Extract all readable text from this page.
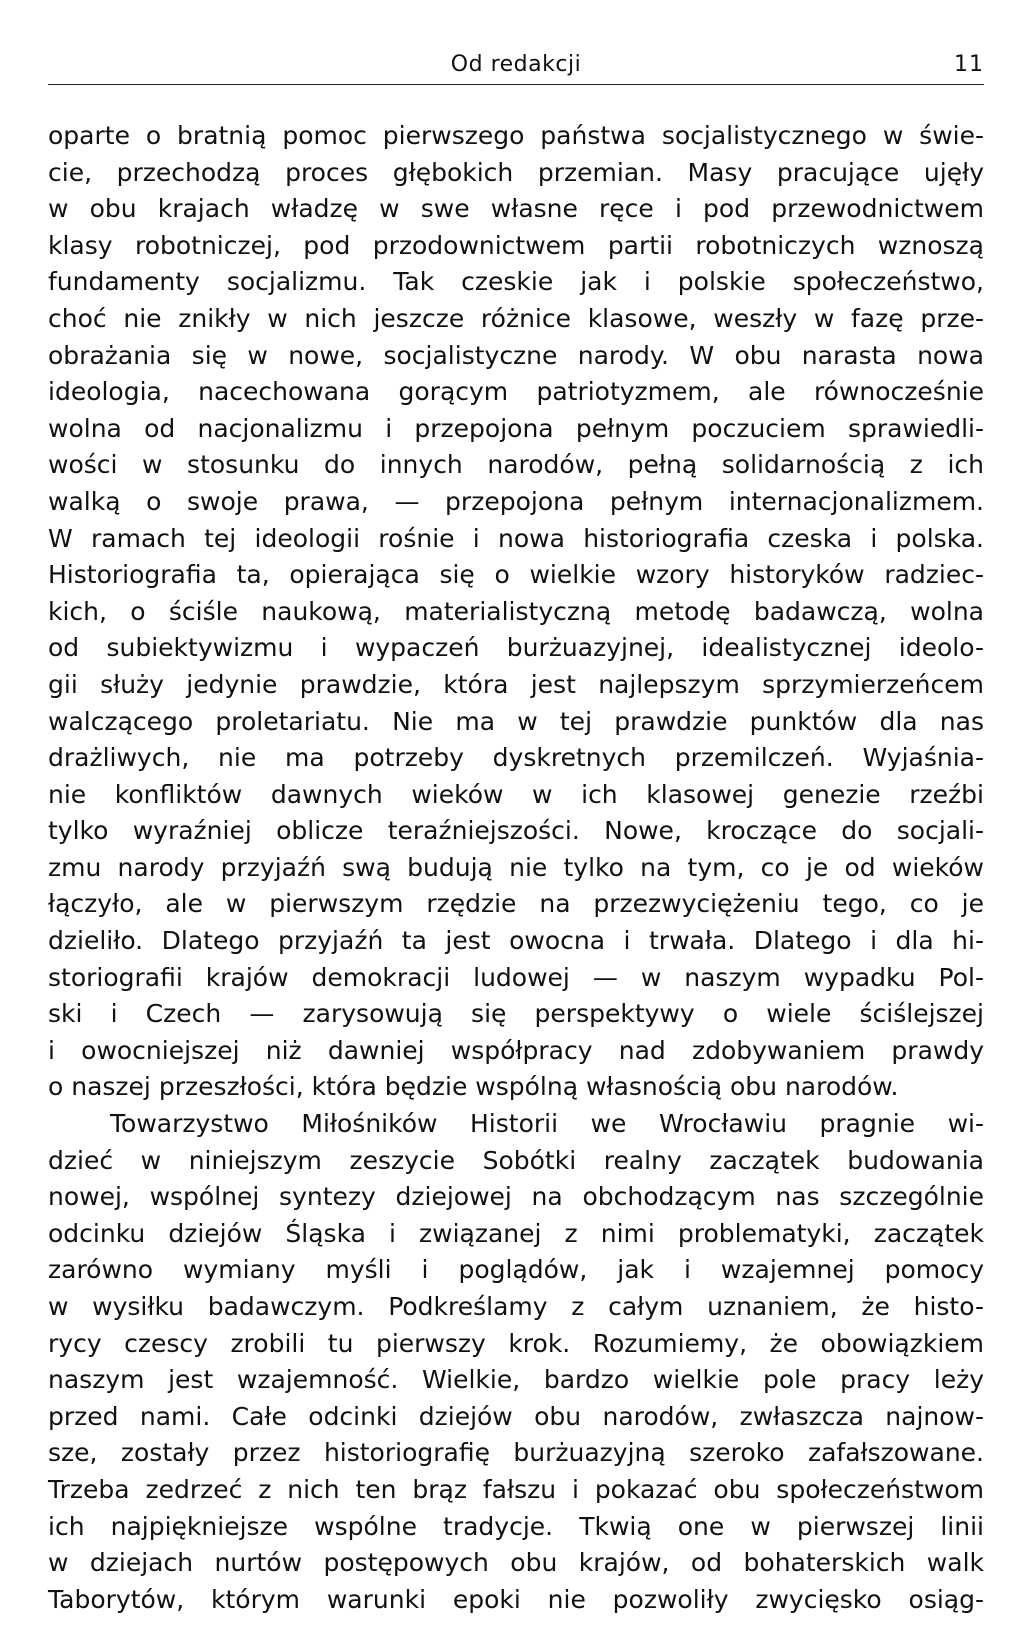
Od redakcji	11
oparte o bratnią pomoc pierwszego państwa socjalistycznego w świe-
cie, przechodzą proces głębokich przemian. Masy pracujące ujęły
w obu krajach władzę w swe własne ręce i pod przewodnictwem
klasy robotniczej, pod przodownictwem partii robotniczych wznoszą
fundamenty socjalizmu. Tak czeskie jak i polskie społeczeństwo,
choć nie znikły w nich jeszcze różnice klasowe, weszły w fazę prze-
obrażania się w nowe, socjalistyczne narody. W obu narasta nowa
ideologia, nacechowana gorącym patriotyzmem, ale równocześnie
wolna od nacjonalizmu i przepojona pełnym poczuciem sprawiedli-
wości w stosunku do innych narodów, pełną solidarnością z ich
walką o swoje prawa, — przepojona pełnym internacjonalizmem.
W ramach tej ideologii rośnie i nowa historiografia czeska i polska.
Historiografia ta, opierająca się o wielkie wzory historyków radziec-
kich, o ściśle naukową, materialistyczną metodę badawczą, wolna
od subiektywizmu i wypaczeń burżuazyjnej, idealistycznej ideolo-
gii służy jedynie prawdzie, która jest najlepszym sprzymierzeńcem
walczącego proletariatu. Nie ma w tej prawdzie punktów dla nas
drażliwych, nie ma potrzeby dyskretnych przemilczeń. Wyjaśnia-
nie konfliktów dawnych wieków w ich klasowej genezie rzeźbi
tylko wyraźniej oblicze teraźniejszości. Nowe, kroczące do socjali-
zmu narody przyjaźń swą budują nie tylko na tym, co je od wieków
łączyło, ale w pierwszym rzędzie na przezwyciężeniu tego, co je
dzieliło. Dlatego przyjaźń ta jest owocna i trwała. Dlatego i dla hi-
storiografii krajów demokracji ludowej — w naszym wypadku Pol-
ski i Czech — zarysowują się perspektywy o wiele ściślejszej
i owocniejszej niż dawniej współpracy nad zdobywaniem prawdy
o naszej przeszłości, która będzie wspólną własnością obu narodów.
Towarzystwo Miłośników Historii we Wrocławiu pragnie wi-
dzieć w niniejszym zeszycie Sobótki realny zaczątek budowania
nowej, wspólnej syntezy dziejowej na obchodzącym nas szczególnie
odcinku dziejów Śląska i związanej z nimi problematyki, zaczątek
zarówno wymiany myśli i poglądów, jak i wzajemnej pomocy
w wysiłku badawczym. Podkreślamy z całym uznaniem, że histo-
rycy czescy zrobili tu pierwszy krok. Rozumiemy, że obowiązkiem
naszym jest wzajemność. Wielkie, bardzo wielkie pole pracy leży
przed nami. Całe odcinki dziejów obu narodów, zwłaszcza najnow-
sze, zostały przez historiografię burżuazyjną szeroko zafałszowane.
Trzeba zedrzeć z nich ten brąz fałszu i pokazać obu społeczeństwom
ich najpiękniejsze wspólne tradycje. Tkwią one w pierwszej linii
w dziejach nurtów postępowych obu krajów, od bohaterskich walk
Taborytów, którym warunki epoki nie pozwoliły zwycięsko osiąg-
